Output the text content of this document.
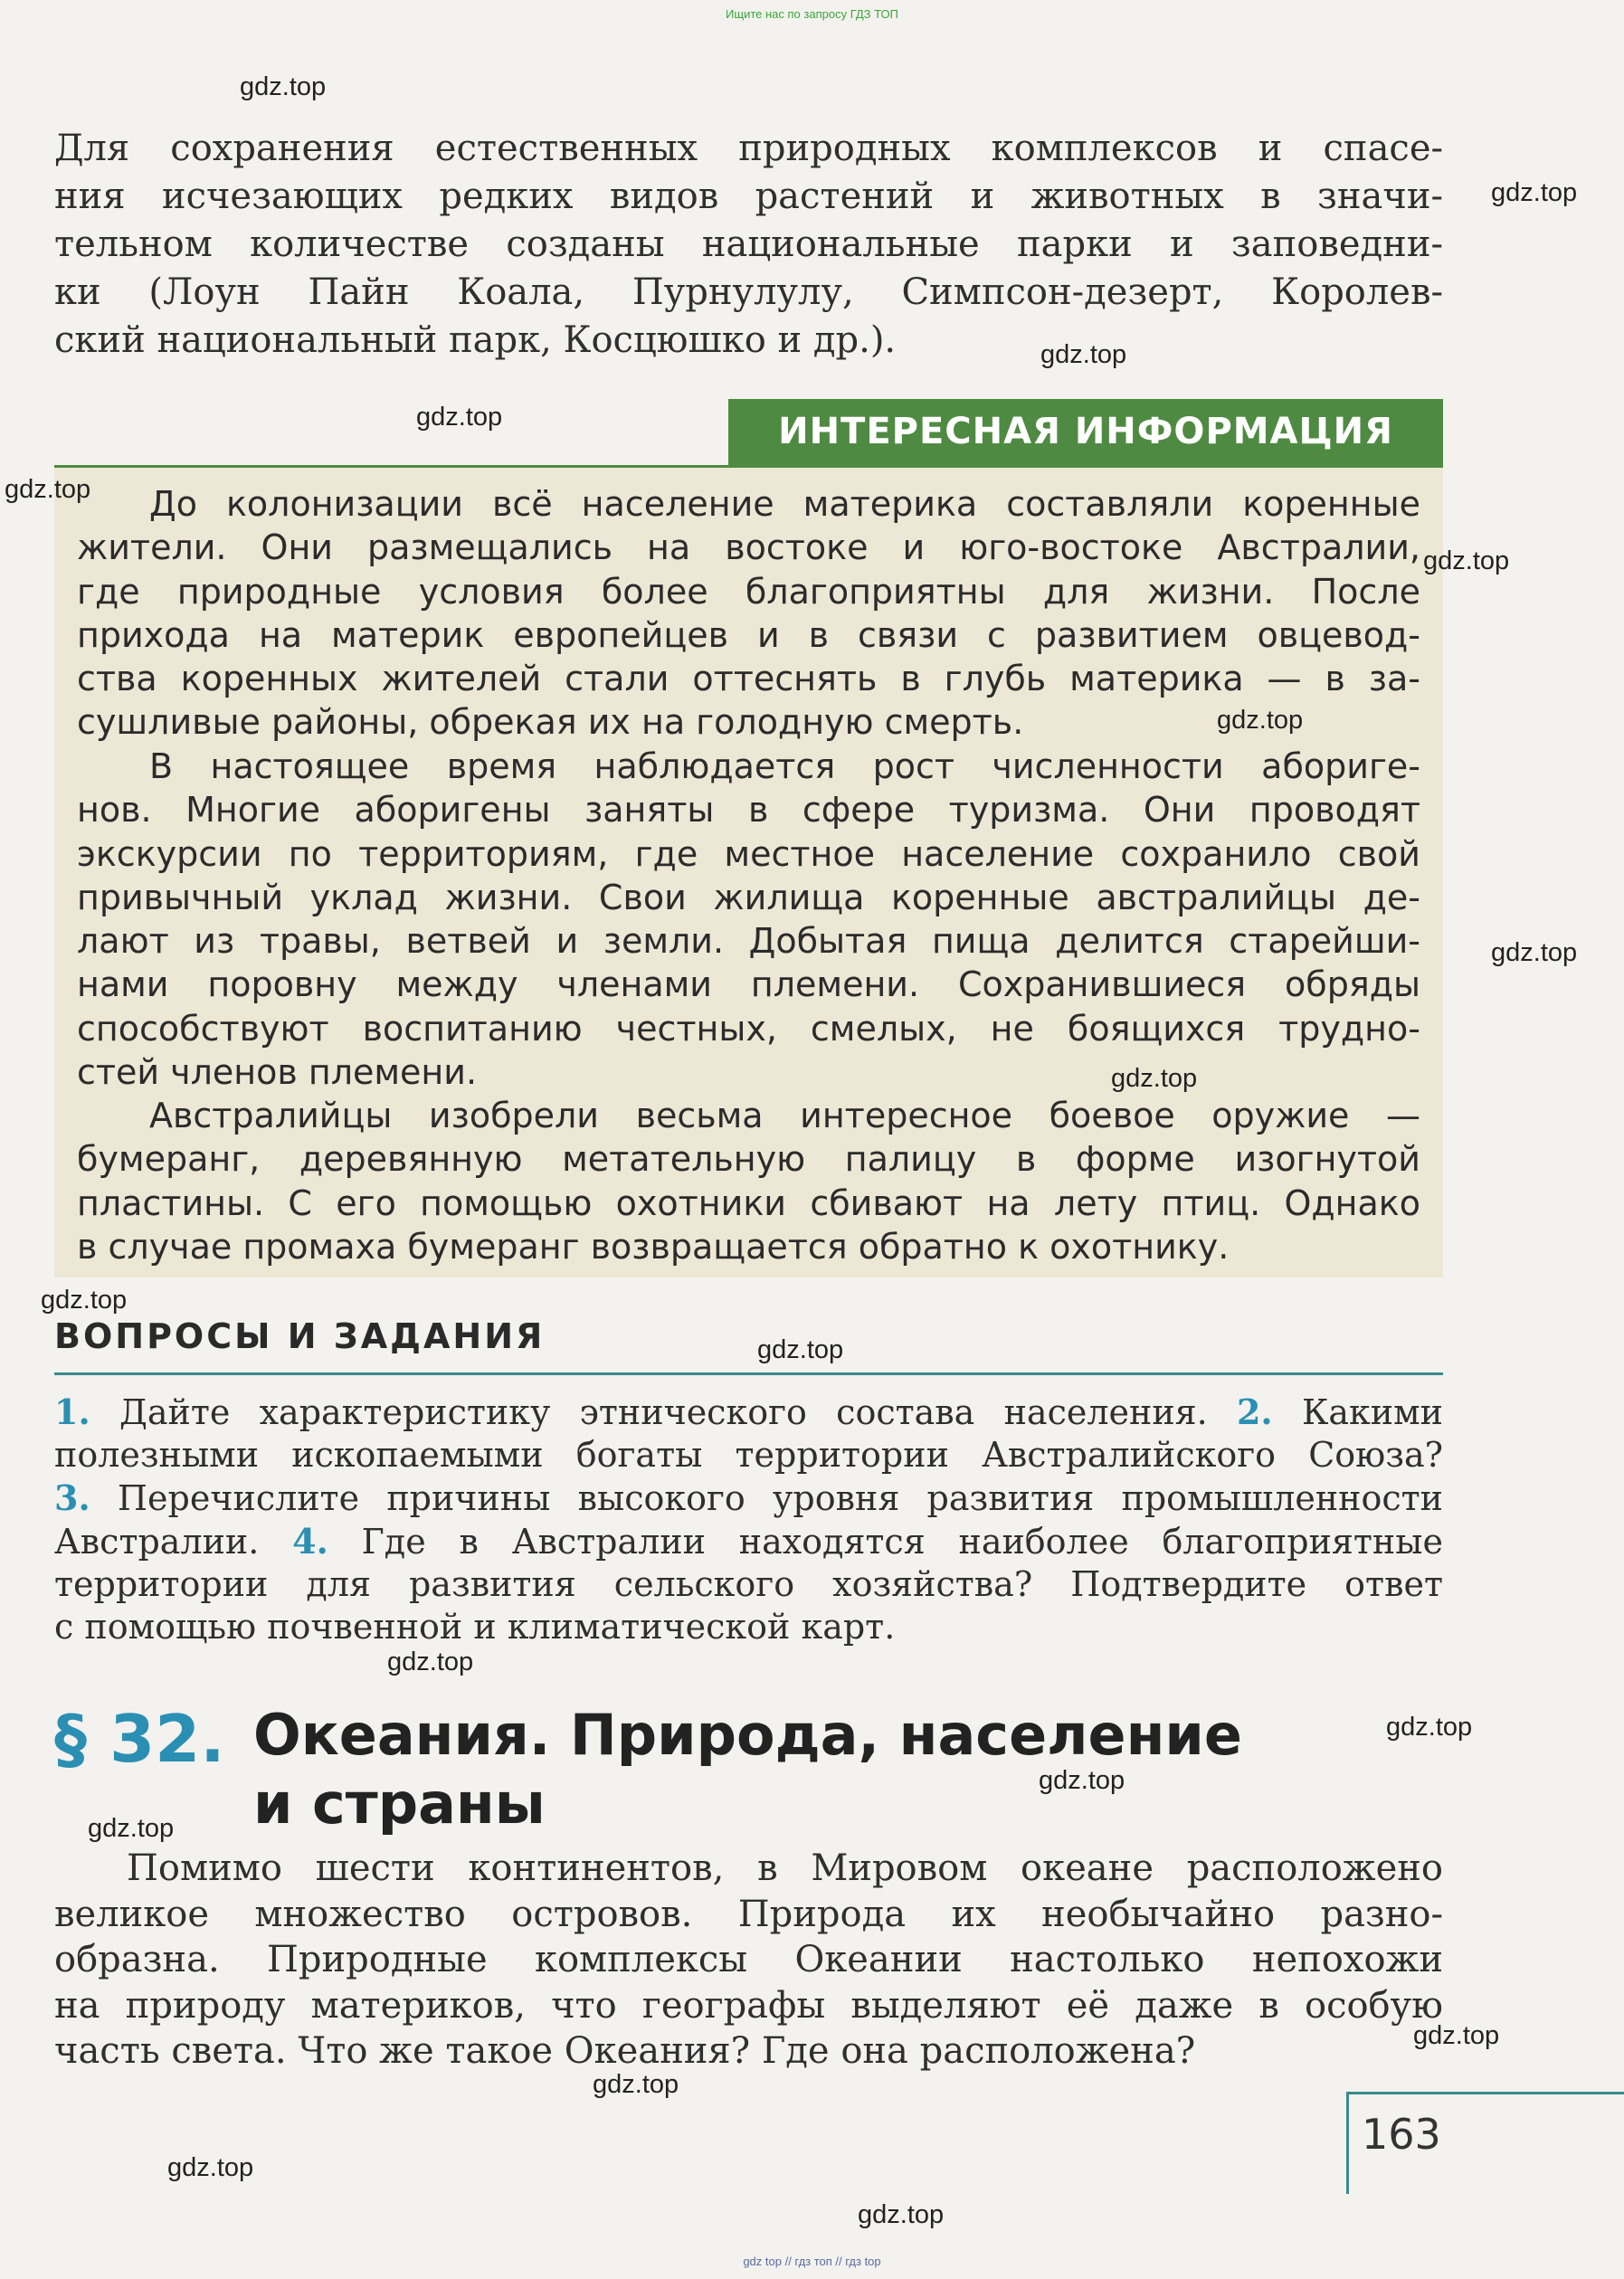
Ищите нас по запросу ГДЗ ТОП
Для сохранения естественных природных комплексов и спасе-
ния исчезающих редких видов растений и животных в значи-
тельном количестве созданы национальные парки и заповедни-
ки (Лоун Пайн Коала, Пурнулулу, Симпсон-дезерт, Королев-
ский национальный парк, Косцюшко и др.).
ИНТЕРЕСНАЯ ИНФОРМАЦИЯ
До колонизации всё население материка составляли коренные
жители. Они размещались на востоке и юго-востоке Австралии,
где природные условия более благоприятны для жизни. После
прихода на материк европейцев и в связи с развитием овцевод-
ства коренных жителей стали оттеснять в глубь материка — в за-
сушливые районы, обрекая их на голодную смерть.
В настоящее время наблюдается рост численности абориге-
нов. Многие аборигены заняты в сфере туризма. Они проводят
экскурсии по территориям, где местное население сохранило свой
привычный уклад жизни. Свои жилища коренные австралийцы де-
лают из травы, ветвей и земли. Добытая пища делится старейши-
нами поровну между членами племени. Сохранившиеся обряды
способствуют воспитанию честных, смелых, не боящихся трудно-
стей членов племени.
Австралийцы изобрели весьма интересное боевое оружие —
бумеранг, деревянную метательную палицу в форме изогнутой
пластины. С его помощью охотники сбивают на лету птиц. Однако
в случае промаха бумеранг возвращается обратно к охотнику.
ВОПРОСЫ И ЗАДАНИЯ
1. Дайте характеристику этнического состава населения. 2. Какими
полезными ископаемыми богаты территории Австралийского Союза?
3. Перечислите причины высокого уровня развития промышленности
Австралии. 4. Где в Австралии находятся наиболее благоприятные
территории для развития сельского хозяйства? Подтвердите ответ
с помощью почвенной и климатической карт.
§ 32. Океания. Природа, население
и страны
Помимо шести континентов, в Мировом океане расположено
великое множество островов. Природа их необычайно разно-
образна. Природные комплексы Океании настолько непохожи
на природу материков, что географы выделяют её даже в особую
часть света. Что же такое Океания? Где она расположена?
163
gdz.top
gdz.top
gdz.top
gdz.top
gdz.top
gdz.top
gdz.top
gdz.top
gdz.top
gdz.top
gdz.top
gdz.top
gdz.top
gdz.top
gdz.top
gdz.top
gdz.top
gdz.top
gdz.top
gdz top // гдз топ // гдз top
